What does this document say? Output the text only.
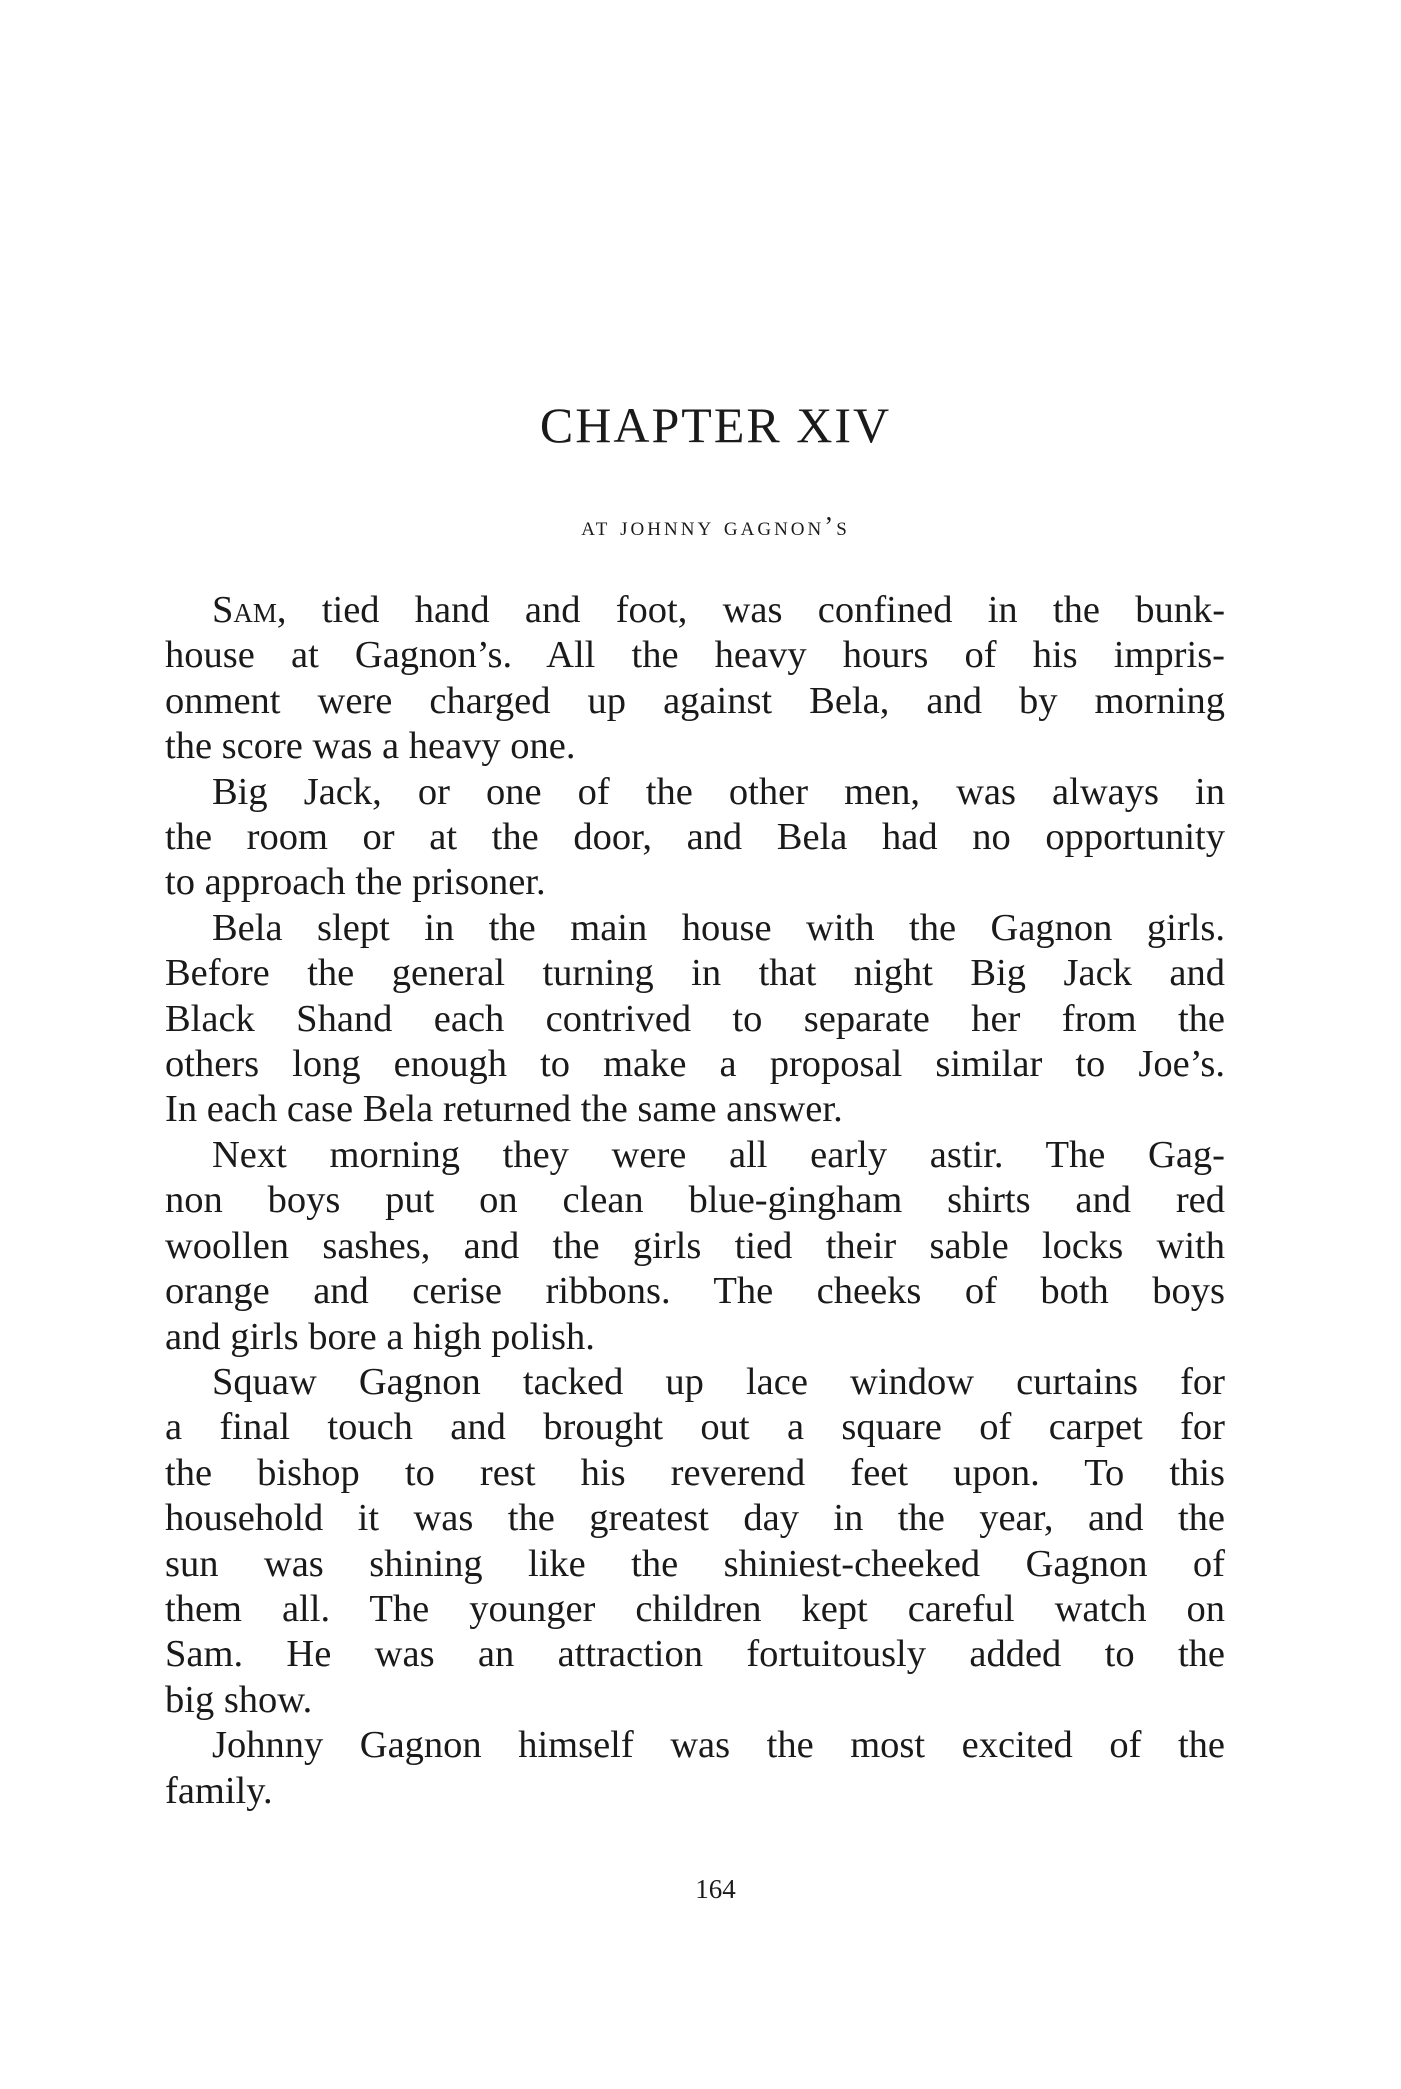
CHAPTER XIV
at johnny gagnon’s
Sam, tied hand and foot, was confined in the bunk-
house at Gagnon’s. All the heavy hours of his impris-
onment were charged up against Bela, and by morning
the score was a heavy one.
Big Jack, or one of the other men, was always in
the room or at the door, and Bela had no opportunity
to approach the prisoner.
Bela slept in the main house with the Gagnon girls.
Before the general turning in that night Big Jack and
Black Shand each contrived to separate her from the
others long enough to make a proposal similar to Joe’s.
In each case Bela returned the same answer.
Next morning they were all early astir. The Gag-
non boys put on clean blue-gingham shirts and red
woollen sashes, and the girls tied their sable locks with
orange and cerise ribbons. The cheeks of both boys
and girls bore a high polish.
Squaw Gagnon tacked up lace window curtains for
a final touch and brought out a square of carpet for
the bishop to rest his reverend feet upon. To this
household it was the greatest day in the year, and the
sun was shining like the shiniest-cheeked Gagnon of
them all. The younger children kept careful watch on
Sam. He was an attraction fortuitously added to the
big show.
Johnny Gagnon himself was the most excited of the
family.
164
